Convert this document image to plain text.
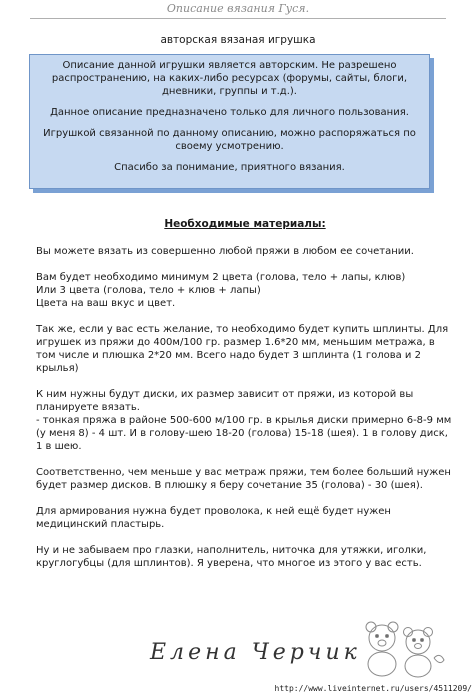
Описание вязания Гуся.
авторская вязаная игрушка

Описание данной игрушки является авторским. Не разрешено распространению, на каких-либо ресурсах (форумы, сайты, блоги, дневники, группы и т.д.).

Данное описание предназначено только для личного пользования.

Игрушкой связанной по данному описанию, можно распоряжаться по своему усмотрению.

Спасибо за понимание, приятного вязания.

Необходимые материалы:

Вы можете вязать из совершенно любой пряжи в любом ее сочетании.

Вам будет необходимо минимум 2 цвета (голова, тело + лапы, клюв)
Или 3 цвета (голова, тело + клюв + лапы)
Цвета на ваш вкус и цвет.

Так же, если у вас есть желание, то необходимо будет купить шплинты. Для игрушек из пряжи до 400м/100 гр. размер 1.6*20 мм, меньшим метража, в том числе и плюшка 2*20 мм. Всего надо будет 3 шплинта (1 голова и 2 крылья)

К ним нужны будут диски, их размер зависит от пряжи, из которой вы планируете вязать.
- тонкая пряжа в районе 500-600 м/100 гр. в крылья диски примерно 6-8-9 мм (у меня 8) - 4 шт. И в голову-шею 18-20 (голова) 15-18 (шея). 1 в голову диск, 1 в шею.

Соответственно, чем меньше у вас метраж пряжи, тем более больший нужен будет размер дисков. В плюшку я беру сочетание 35 (голова) - 30 (шея).

Для армирования нужна будет проволока, к ней ещё будет нужен медицинский пластырь.

Ну и не забываем про глазки, наполнитель, ниточка для утяжки, иголки, круглогубцы (для шплинтов). Я уверена, что многое из этого у вас есть.

Елена Черчик
http://www.liveinternet.ru/users/4511209/
